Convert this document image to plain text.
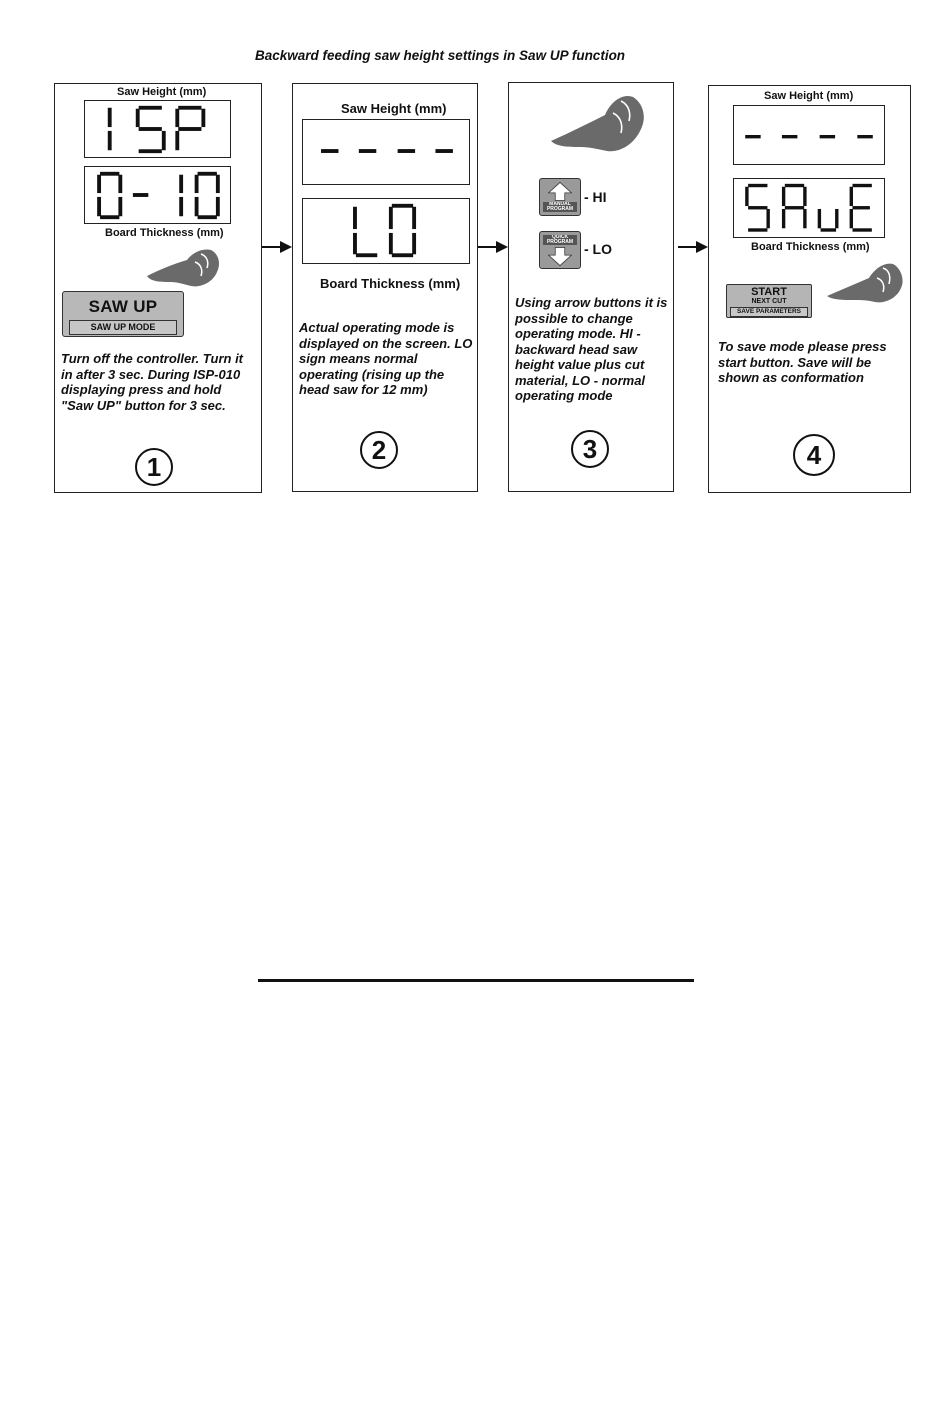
Backward feeding saw height settings in Saw UP function
Saw Height (mm)
Board Thickness (mm)
SAW UP
SAW UP MODE
Turn off the controller. Turn it in after 3 sec. During ISP-010 displaying press and hold "Saw UP" button for 3 sec.
1
Saw Height (mm)
Board Thickness (mm)
Actual operating mode is displayed on the screen. LO sign means normal operating (rising up the head saw for 12 mm)
2
MANUAL PROGRAM
- HI
QUICK PROGRAM - LO
Using arrow buttons it is possible to change operating mode. HI - backward head saw height value plus cut material, LO - normal operating mode
3
Saw Height (mm)
Board Thickness (mm)
START
NEXT CUT
SAVE PARAMETERS
To save mode please press start button. Save will be shown as conformation
4
